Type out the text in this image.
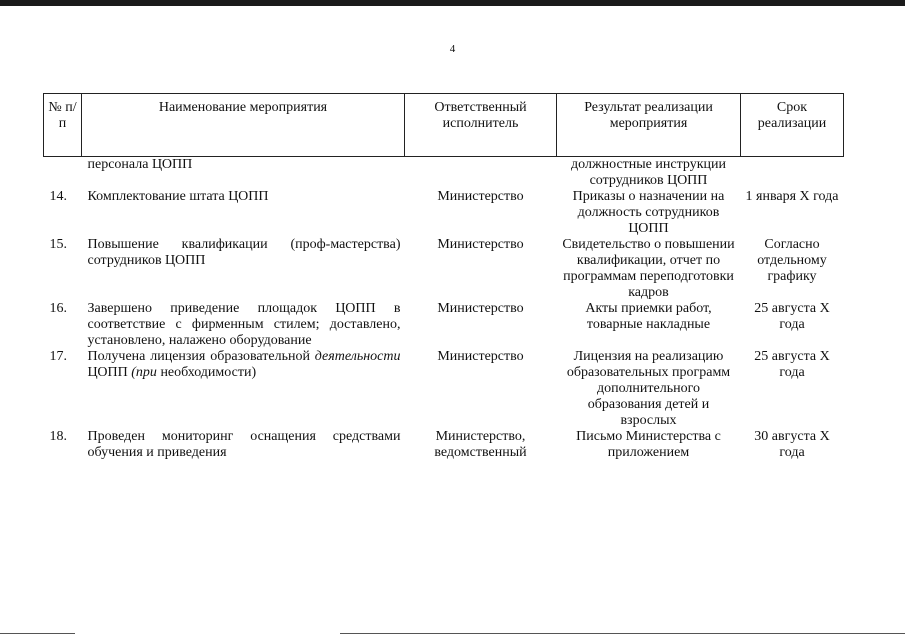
4
№ п/п	Наименование мероприятия	Ответственный исполнитель	Результат реализации мероприятия	Срок реализации
	персонала ЦОПП		должностные инструкции сотрудников ЦОПП	
14.	Комплектование штата ЦОПП	Министерство	Приказы о назначении на должность сотрудников ЦОПП	1 января Х года
15.	Повышение квалификации (проф-мастерства) сотрудников ЦОПП	Министерство	Свидетельство о повышении квалификации, отчет по программам переподготовки кадров	Согласно отдельному графику
16.	Завершено приведение площадок ЦОПП в соответствие с фирменным стилем; доставлено, установлено, налажено оборудование	Министерство	Акты приемки работ, товарные накладные	25 августа Х года
17.	Получена лицензия образовательной деятельности ЦОПП (при необходимости)	Министерство	Лицензия на реализацию образовательных программ дополнительного образования детей и взрослых	25 августа Х года
18.	Проведен мониторинг оснащения средствами обучения и приведения	Министерство, ведомственный	Письмо Министерства с приложением	30 августа Х года
